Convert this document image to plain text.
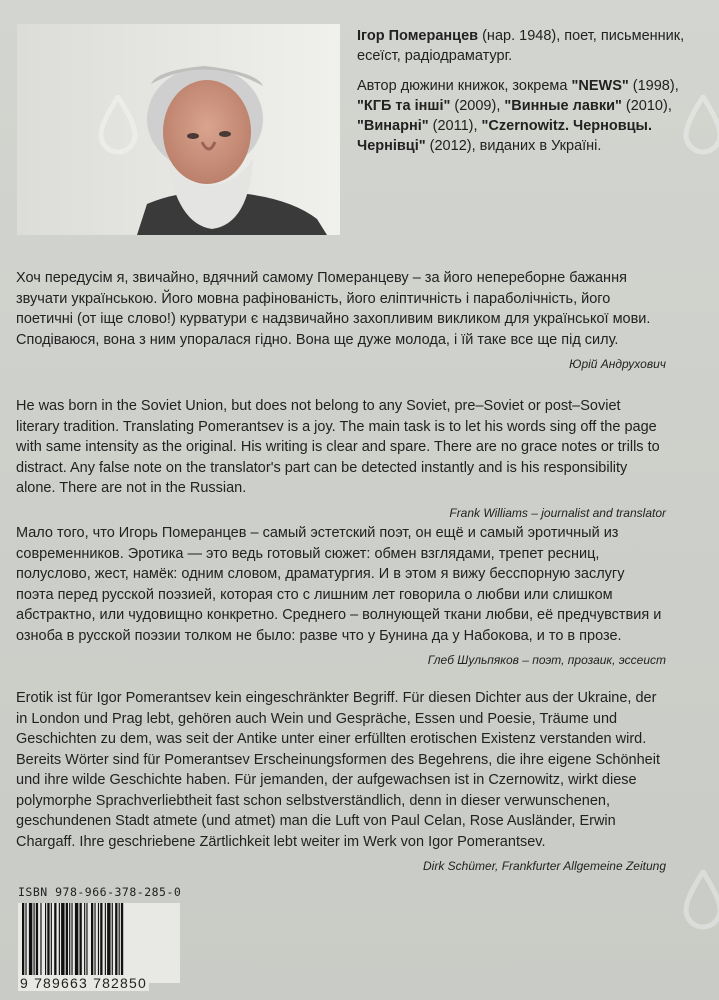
Ігор Померанцев (нар. 1948), поет, письменник, есеїст, радіодраматург.

Автор дюжини книжок, зокрема "NEWS" (1998), "КГБ та інші" (2009), "Винные лавки" (2010), "Винарні" (2011), "Czernowitz. Черновцы. Чернівці" (2012), виданих в Україні.

Хоч передусім я, звичайно, вдячний самому Померанцеву – за його непереборне бажання звучати українською. Його мовна рафінованість, його еліптичність і параболічність, його поетичні (от іще слово!) курватури є надзвичайно захопливим викликом для української мови. Сподіваюся, вона з ним упоралася гідно. Вона ще дуже молода, і їй таке все ще під силу.

Юрій Андрухович

He was born in the Soviet Union, but does not belong to any Soviet, pre–Soviet or post–Soviet literary tradition. Translating Pomerantsev is a joy. The main task is to let his words sing off the page with same intensity as the original. His writing is clear and spare. There are no grace notes or trills to distract. Any false note on the translator's part can be detected instantly and is his responsibility alone. There are not in the Russian.

Frank Williams – journalist and translator

Мало того, что Игорь Померанцев – самый эстетский поэт, он ещё и самый эротичный из современников. Эротика — это ведь готовый сюжет: обмен взглядами, трепет ресниц, полуслово, жест, намёк: одним словом, драматургия. И в этом я вижу бесспорную заслугу поэта перед русской поэзией, которая сто с лишним лет говорила о любви или слишком абстрактно, или чудовищно конкретно. Среднего – волнующей ткани любви, её предчувствия и озноба в русской поэзии толком не было: разве что у Бунина да у Набокова, и то в прозе.

Глеб Шульпяков – поэт, прозаик, эссеист

Erotik ist für Igor Pomerantsev kein eingeschränkter Begriff. Für diesen Dichter aus der Ukraine, der in London und Prag lebt, gehören auch Wein und Gespräche, Essen und Poesie, Träume und Geschichten zu dem, was seit der Antike unter einer erfüllten erotischen Existenz verstanden wird. Bereits Wörter sind für Pomerantsev Erscheinungsformen des Begehrens, die ihre eigene Schönheit und ihre wilde Geschichte haben. Für jemanden, der aufgewachsen ist in Czernowitz, wirkt diese polymorphe Sprachverliebtheit fast schon selbstverständlich, denn in dieser verwunschenen, geschundenen Stadt atmete (und atmet) man die Luft von Paul Celan, Rose Ausländer, Erwin Chargaff. Ihre geschriebene Zärtlichkeit lebt weiter im Werk von Igor Pomerantsev.

Dirk Schümer, Frankfurter Allgemeine Zeitung
ISBN 978-966-378-285-0
9 789663 782850
